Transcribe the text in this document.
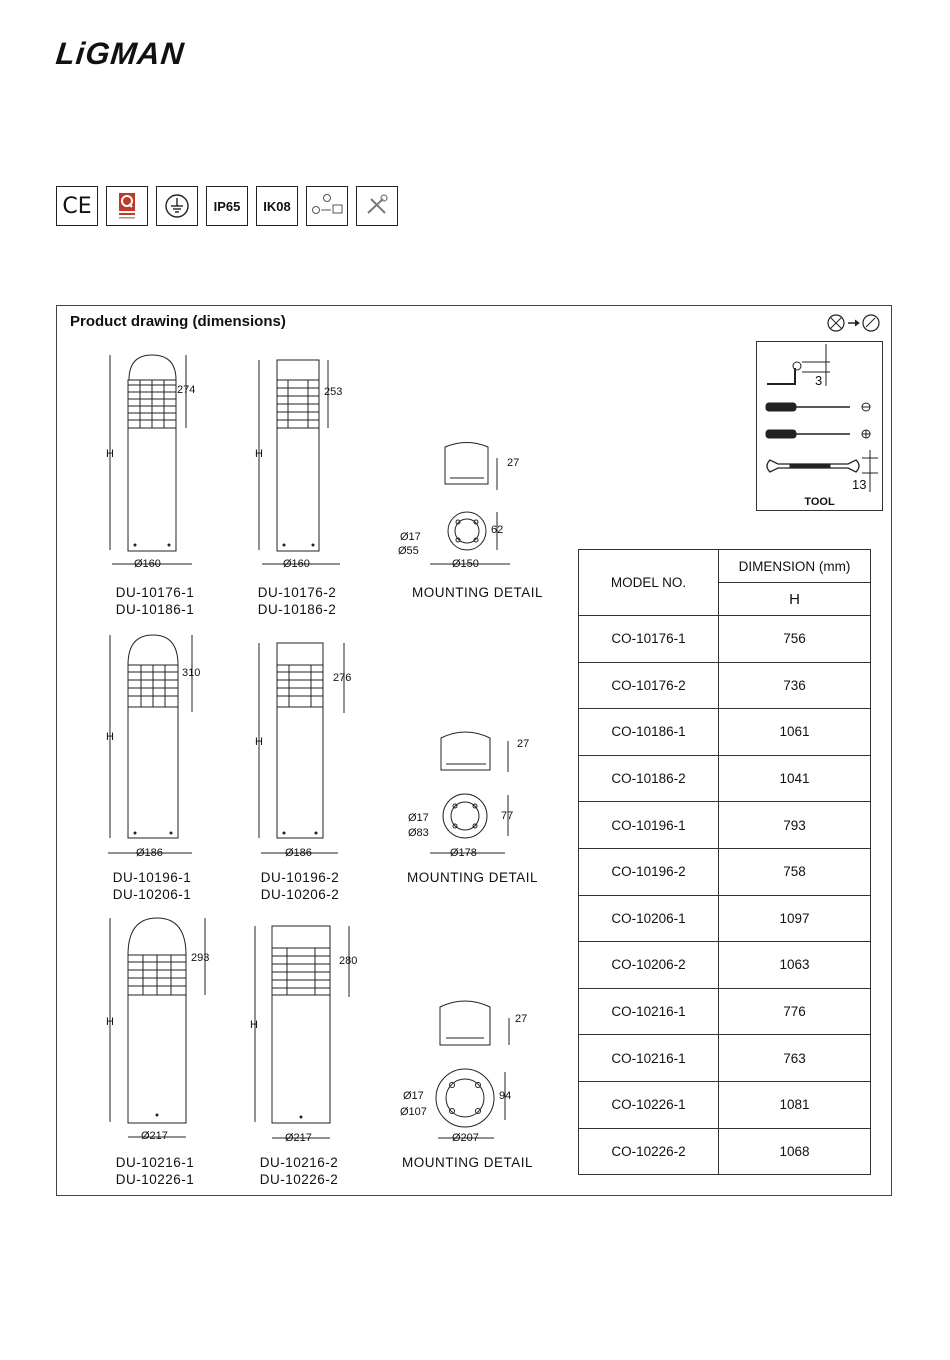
LiGMAN
CE	IP65	IK08
Product drawing (dimensions)
3
13
H
274
Ø160
H
253
Ø160
27
Ø17
Ø55
62
Ø150
DU-10176-1
DU-10186-1
DU-10176-2
DU-10186-2
MOUNTING DETAIL
H
310
Ø186
H
276
Ø186
27
Ø17
Ø83
77
Ø178
DU-10196-1
DU-10206-1
DU-10196-2
DU-10206-2
MOUNTING DETAIL
H
293
Ø217
H
280
Ø217
27
Ø17
Ø107
94
Ø207
DU-10216-1
DU-10226-1
DU-10216-2
DU-10226-2
MOUNTING DETAIL
TOOL
MODEL NO.	DIMENSION (mm)
	H
CO-10176-1	756
CO-10176-2	736
CO-10186-1	1061
CO-10186-2	1041
CO-10196-1	793
CO-10196-2	758
CO-10206-1	1097
CO-10206-2	1063
CO-10216-1	776
CO-10216-1	763
CO-10226-1	1081
CO-10226-2	1068
